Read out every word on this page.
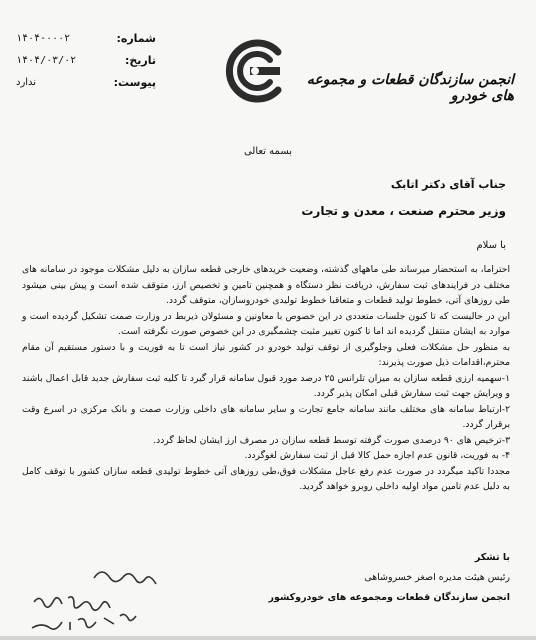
شماره:
۱۴۰۴-۰۰۰۲
تاریخ:
۱۴۰۴/۰۳/۰۲
پیوست:
ندارد	انجمن سازندگان قطعات و مجموعه های خودرو
بسمه تعالی
جناب آقای دکتر اتابک
وزیر محترم صنعت ، معدن و تجارت
با سلام

احتراما، به استحضار میرساند طی ماههای گذشته، وضعیت خریدهای خارجی قطعه سازان به دلیل مشکلات موجود در سامانه های مختلف در فرایندهای ثبت سفارش، دریافت نظر دستگاه و همچنین تامین و تخصیص ارز، متوقف شده است و پیش بینی میشود طی روزهای آتی، خطوط تولید قطعات و متعاقبا خطوط تولیدی خودروسازان، متوقف گردد.

این در حالیست که تا کنون جلسات متعددی در این خصوص با معاونین و مسئولان ذیربط در وزارت صمت تشکیل گردیده است و موارد به ایشان منتقل گردیده اند اما تا کنون تغییر مثبت چشمگیری در این خصوص صورت نگرفته است.

به منظور حل مشکلات فعلی وجلوگیری از توقف تولید خودرو در کشور نیاز است تا به فوریت و با دستور مستقیم آن مقام محترم،اقدامات ذیل صورت پذیرند:

۱-سهمیه ارزی قطعه سازان به میزان تلرانس ۲۵ درصد مورد قبول سامانه قرار گیرد تا کلیه ثبت سفارش جدید قابل اعمال باشند و ویرایش جهت ثبت سفارش قبلی امکان پذیر گردد.

۲-ارتباط سامانه های مختلف مانند سامانه جامع تجارت و سایر سامانه های داخلی وزارت صمت و بانک مرکزی در اسرع وقت برقرار گردد.

۳-ترخیص های ۹۰ درصدی صورت گرفته توسط قطعه سازان در مصرف ارز ایشان لحاظ گردد.

۴- به فوریت، قانون عدم اجازه حمل کالا قبل از ثبت سفارش لغوگردد.

مجددا تاکید میگردد در صورت عدم رفع عاجل مشکلات فوق،طی روزهای آتی خطوط تولیدی قطعه سازان کشور با توقف کامل به دلیل عدم تامین مواد اولیه داخلی روبرو خواهد گردید.

با تشکر
رئیس هیئت مدیره اصغر خسروشاهی
انجمن سازندگان قطعات ومجموعه های خودروکشور
